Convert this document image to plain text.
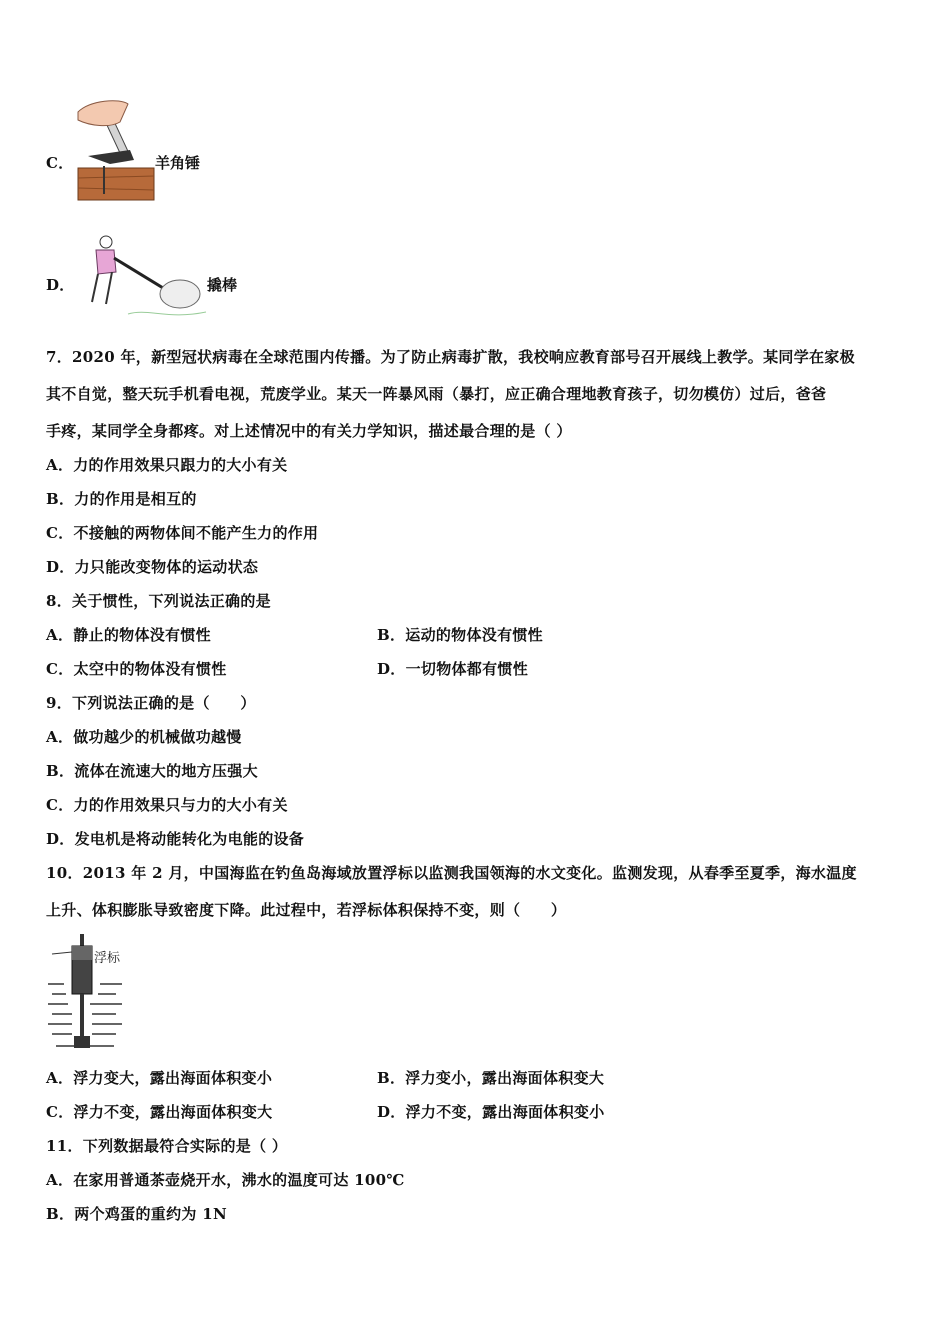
C．	羊角锤
D．	撬棒
7．2020 年，新型冠状病毒在全球范围内传播。为了防止病毒扩散，我校响应教育部号召开展线上教学。某同学在家极
其不自觉，整天玩手机看电视，荒废学业。某天一阵暴风雨（暴打，应正确合理地教育孩子，切勿模仿）过后，爸爸
手疼，某同学全身都疼。对上述情况中的有关力学知识，描述最合理的是（ ）
A．力的作用效果只跟力的大小有关
B．力的作用是相互的
C．不接触的两物体间不能产生力的作用
D．力只能改变物体的运动状态
8．关于惯性，下列说法正确的是
A．静止的物体没有惯性	B．运动的物体没有惯性
C．太空中的物体没有惯性	D．一切物体都有惯性
9．下列说法正确的是（　　）
A．做功越少的机械做功越慢
B．流体在流速大的地方压强大
C．力的作用效果只与力的大小有关
D．发电机是将动能转化为电能的设备
10．2013 年 2 月，中国海监在钓鱼岛海域放置浮标以监测我国领海的水文变化。监测发现，从春季至夏季，海水温度
上升、体积膨胀导致密度下降。此过程中，若浮标体积保持不变，则（　　）
浮标
A．浮力变大，露出海面体积变小	B．浮力变小，露出海面体积变大
C．浮力不变，露出海面体积变大	D．浮力不变，露出海面体积变小
11．下列数据最符合实际的是（ ）
A．在家用普通茶壶烧开水，沸水的温度可达 100℃
B．两个鸡蛋的重约为 1N
